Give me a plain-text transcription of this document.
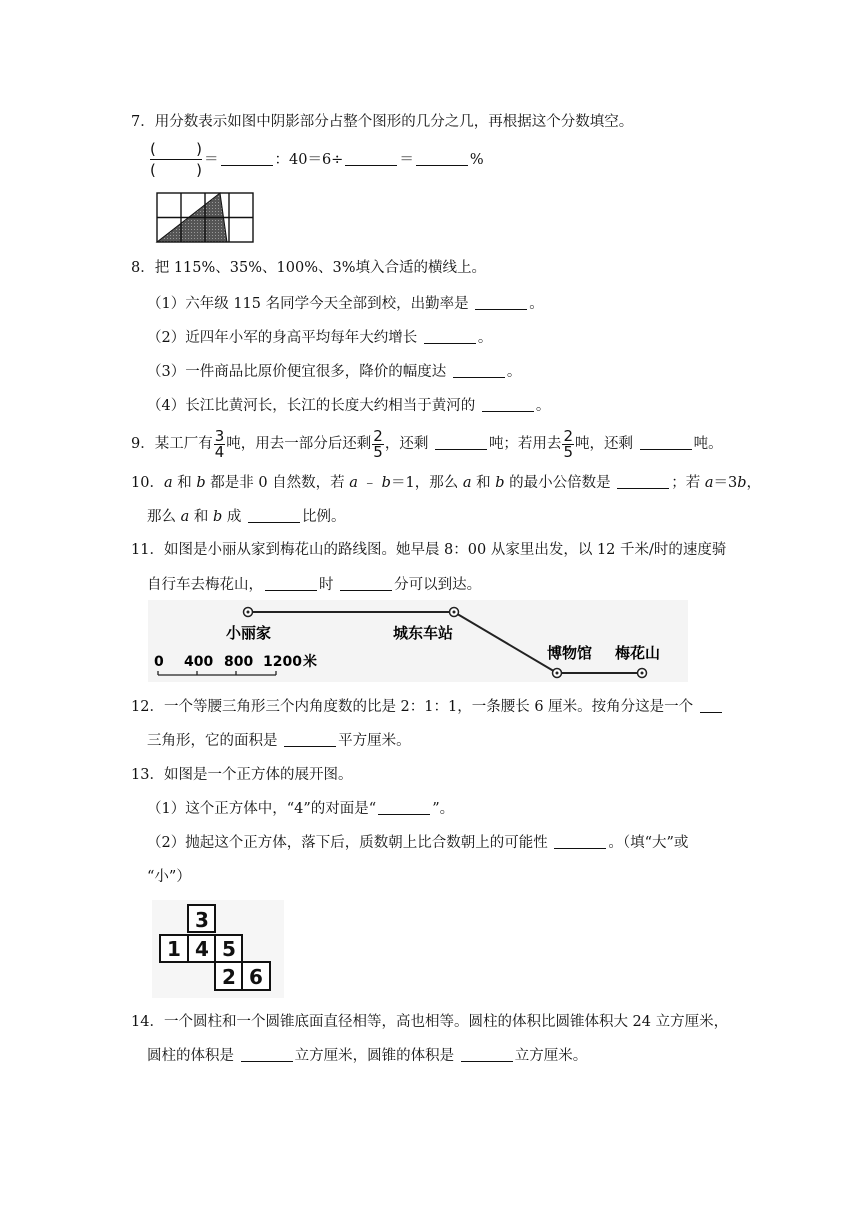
7．用分数表示如图中阴影部分占整个图形的几分之几，再根据这个分数填空。
(	)
(	)
＝	：40＝6÷	＝	%
8．把 115%、35%、100%、3%填入合适的横线上。
（1）六年级 115 名同学今天全部到校，出勤率是	。
（2）近四年小军的身高平均每年大约增长	。
（3）一件商品比原价便宜很多，降价的幅度达	。
（4）长江比黄河长，长江的长度大约相当于黄河的	。
9．某工厂有 $\frac{3}{4}$ 吨，用去一部分后还剩 $\frac{2}{5}$ ，还剩	吨；若用去 $\frac{2}{5}$ 吨，还剩	吨。
10．a 和 b 都是非 0 自然数，若 a ﹣ b＝1，那么 a 和 b 的最小公倍数是	；若 a＝3b，
那么 a 和 b 成	比例。
11．如图是小丽从家到梅花山的路线图。她早晨 8：00 从家里出发，以 12 千米/时的速度骑
自行车去梅花山，	时	分可以到达。
小丽家	城东车站
博物馆 梅花山
0 400 800 1200 米
12．一个等腰三角形三个内角度数的比是 2：1：1，一条腰长 6 厘米。按角分这是一个
三角形，它的面积是	平方厘米。
13．如图是一个正方体的展开图。
（1）这个正方体中，“4”的对面是“	”。
（2）抛起这个正方体，落下后，质数朝上比合数朝上的可能性	。（填“大”或
“小”）
3
1 4 5
2 6
14．一个圆柱和一个圆锥底面直径相等，高也相等。圆柱的体积比圆锥体积大 24 立方厘米，
圆柱的体积是	立方厘米，圆锥的体积是	立方厘米。
